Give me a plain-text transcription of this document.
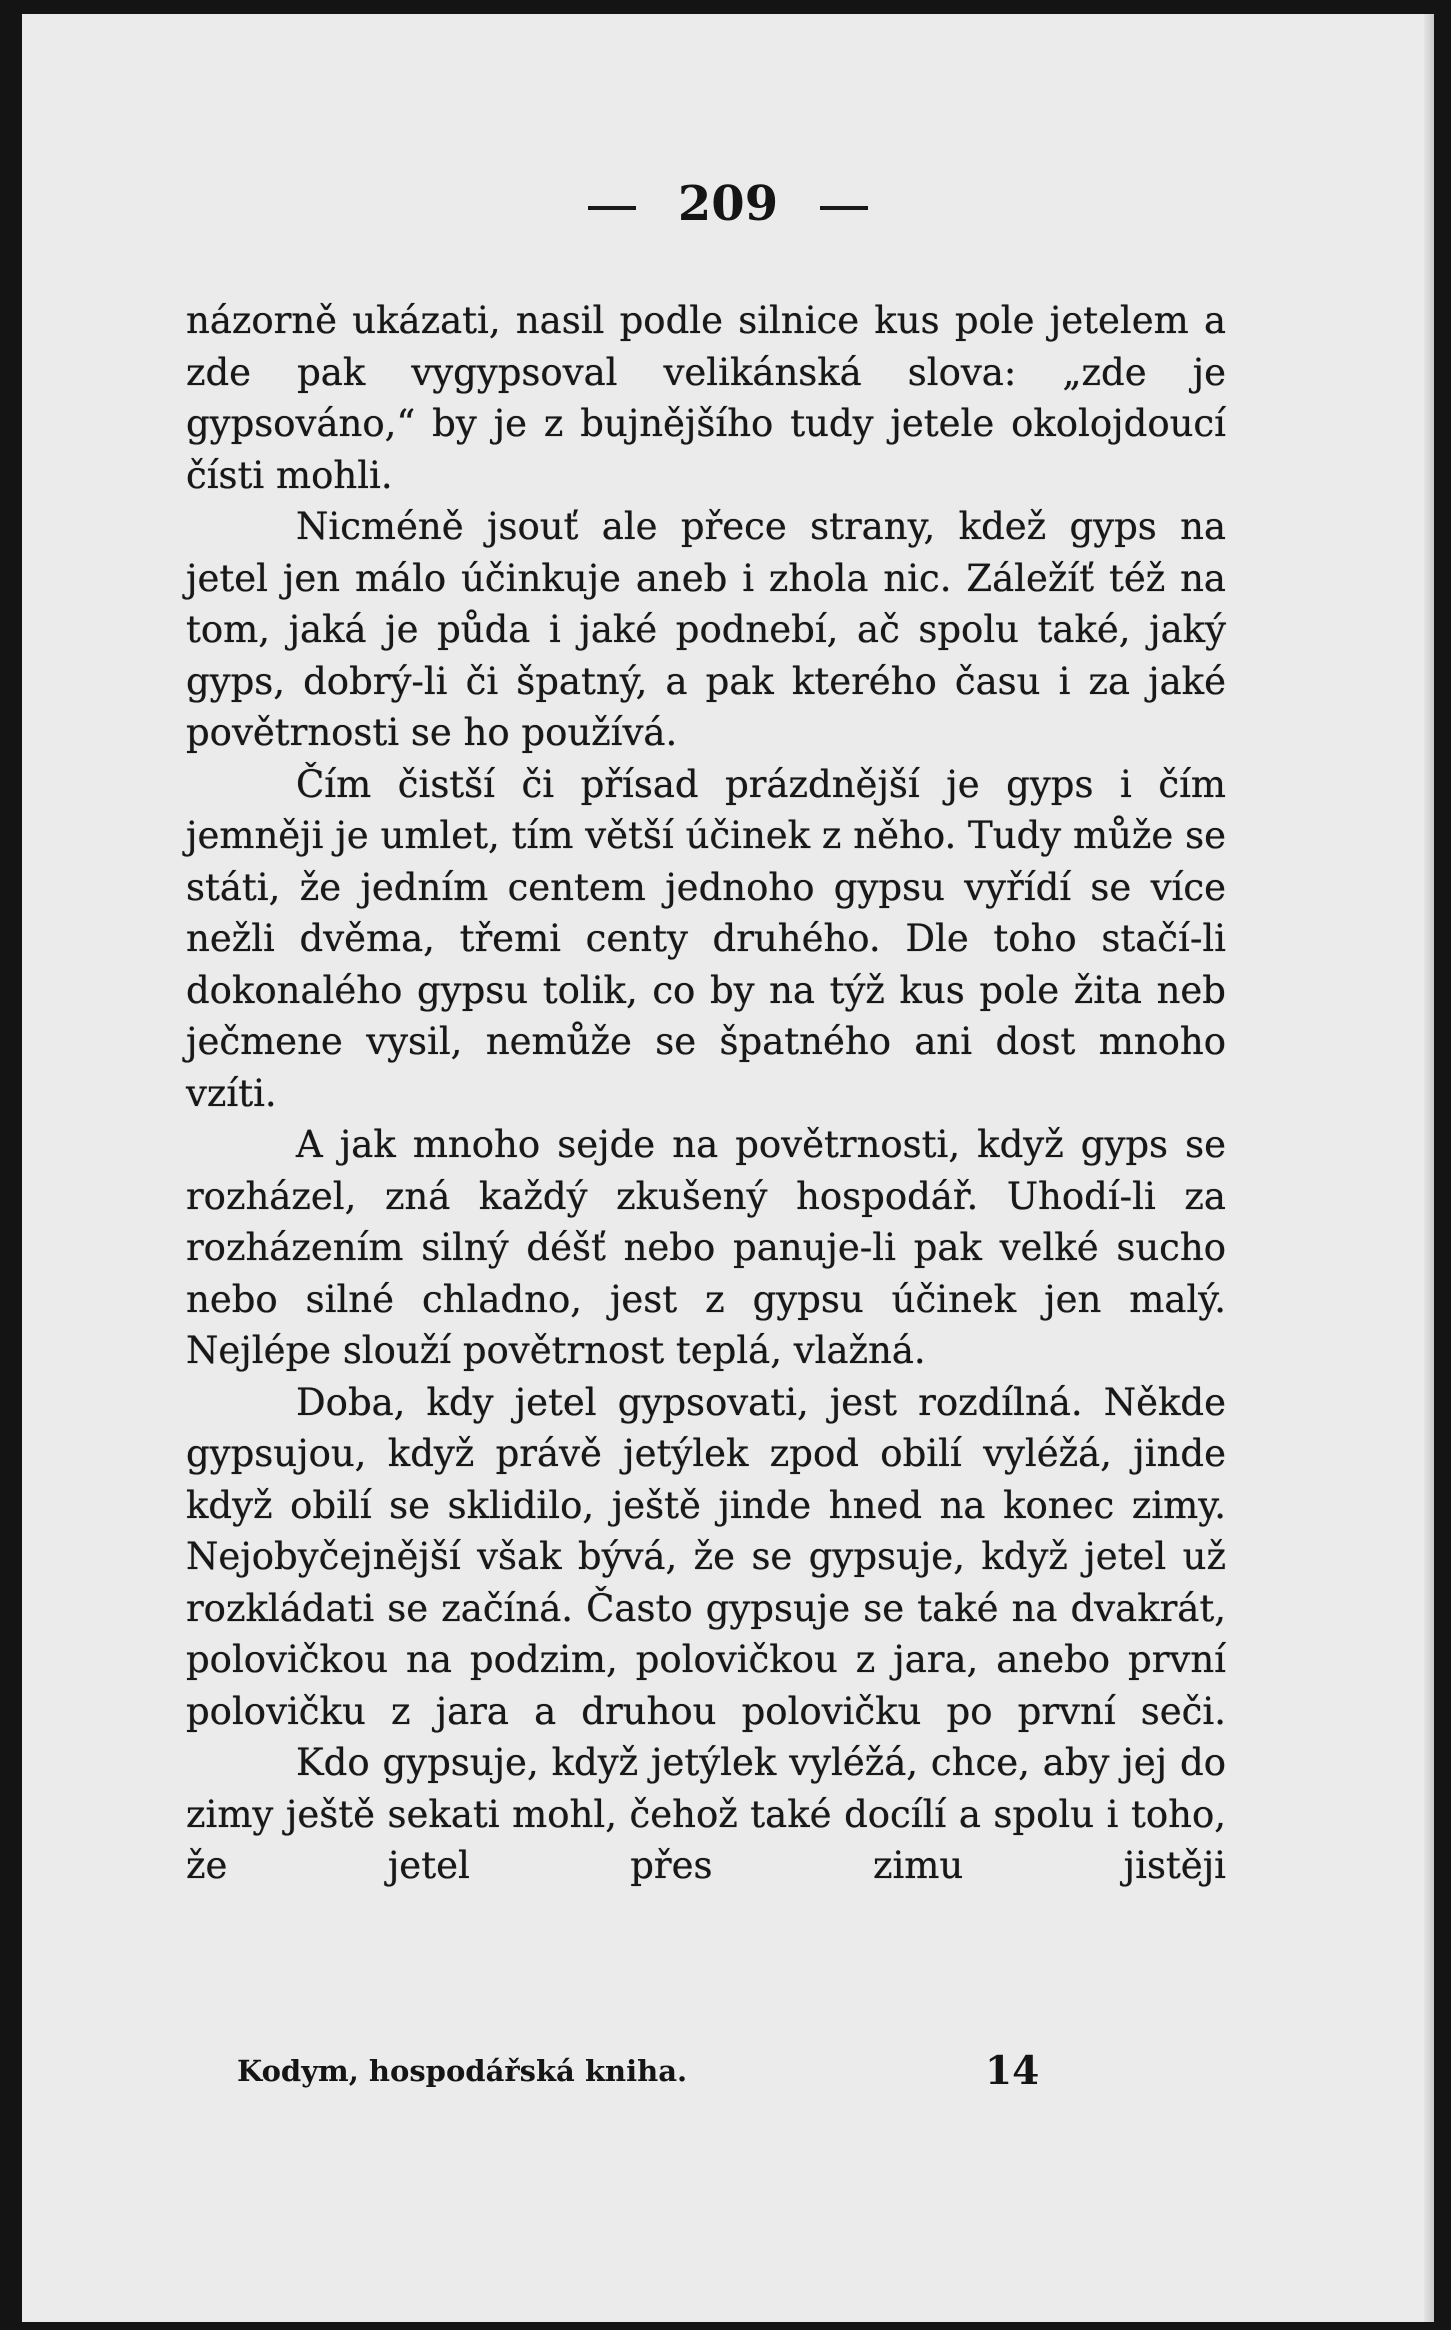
209

názorně ukázati, nasil podle silnice kus pole jetelem a zde pak vygypsoval velikánská slova: „zde je gypsováno,“ by je z bujnějšího tudy jetele okolojdoucí čísti mohli.

Nicméně jsouť ale přece strany, kdež gyps na jetel jen málo účinkuje aneb i zhola nic. Záležíť též na tom, jaká je půda i jaké podnebí, ač spolu také, jaký gyps, dobrý-li či špatný, a pak kterého času i za jaké povětrnosti se ho používá.

Čím čistší či přísad prázdnější je gyps i čím jemněji je umlet, tím větší účinek z něho. Tudy může se státi, že jedním centem jednoho gypsu vyřídí se více nežli dvěma, třemi centy druhého. Dle toho stačí-li dokonalého gypsu tolik, co by na týž kus pole žita neb ječmene vysil, nemůže se špatného ani dost mnoho vzíti.

A jak mnoho sejde na povětrnosti, když gyps se rozházel, zná každý zkušený hospodář. Uhodí-li za rozházením silný déšť nebo panuje-li pak velké sucho nebo silné chladno, jest z gypsu účinek jen malý. Nejlépe slouží povětrnost teplá, vlažná.

Doba, kdy jetel gypsovati, jest rozdílná. Někde gypsujou, když právě jetýlek zpod obilí vyléžá, jinde když obilí se sklidilo, ještě jinde hned na konec zimy. Nejobyčejnější však bývá, že se gypsuje, když jetel už rozkládati se začíná. Často gypsuje se také na dvakrát, polovičkou na podzim, polovičkou z jara, anebo první polovičku z jara a druhou polovičku po první seči.

Kdo gypsuje, když jetýlek vyléžá, chce, aby jej do zimy ještě sekati mohl, čehož také docílí a spolu i toho, že jetel přes zimu jistěji

Kodym, hospodářská kniha.	14
